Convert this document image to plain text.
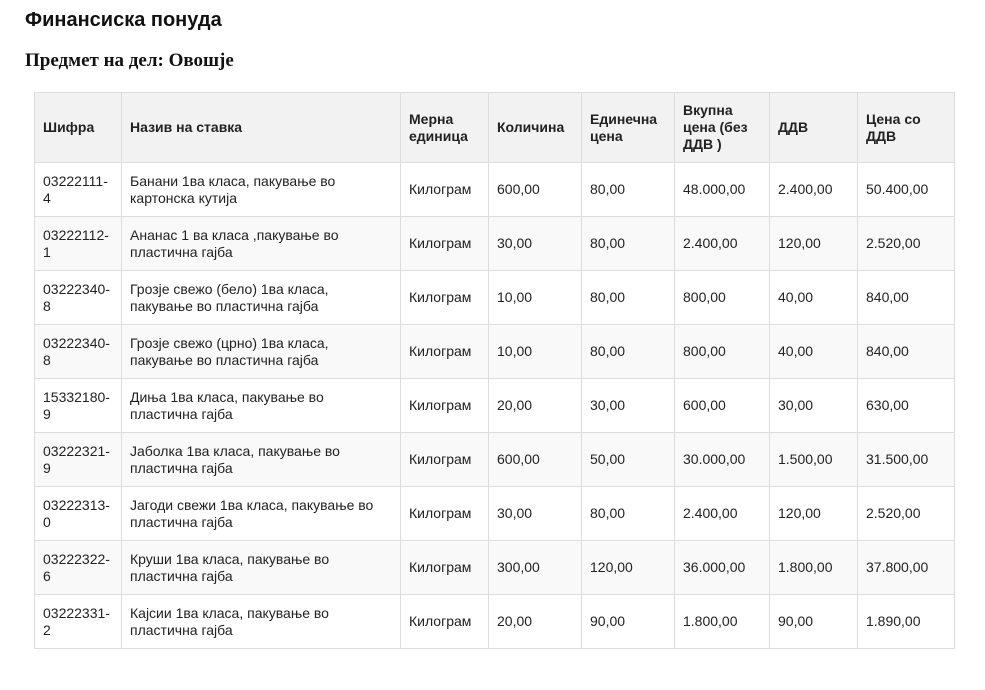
Финансиска понуда
Предмет на дел: Овошје
Шифра	Назив на ставка	Мерна единица	Количина	Единечна цена	Вкупна цена (без ДДВ )	ДДВ	Цена со ДДВ
03222111-4	Банани 1ва класа, пакување во картонска кутија	Килограм	600,00	80,00	48.000,00	2.400,00	50.400,00
03222112-1	Ананас 1 ва класа ,пакување во пластична гајба	Килограм	30,00	80,00	2.400,00	120,00	2.520,00
03222340-8	Грозје свежо (бело) 1ва класа, пакување во пластична гајба	Килограм	10,00	80,00	800,00	40,00	840,00
03222340-8	Грозје свежо (црно) 1ва класа, пакување во пластична гајба	Килограм	10,00	80,00	800,00	40,00	840,00
15332180-9	Диња 1ва класа, пакување во пластична гајба	Килограм	20,00	30,00	600,00	30,00	630,00
03222321-9	Јаболка 1ва класа, пакување во пластична гајба	Килограм	600,00	50,00	30.000,00	1.500,00	31.500,00
03222313-0	Јагоди свежи 1ва класа, пакување во пластична гајба	Килограм	30,00	80,00	2.400,00	120,00	2.520,00
03222322-6	Круши 1ва класа, пакување во пластична гајба	Килограм	300,00	120,00	36.000,00	1.800,00	37.800,00
03222331-2	Кајсии 1ва класа, пакување во пластична гајба	Килограм	20,00	90,00	1.800,00	90,00	1.890,00
